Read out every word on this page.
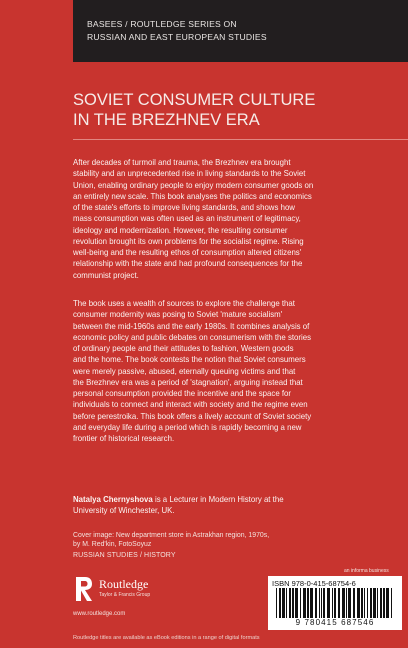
BASEES / ROUTLEDGE SERIES ON
RUSSIAN AND EAST EUROPEAN STUDIES
SOVIET CONSUMER CULTURE
IN THE BREZHNEV ERA
After decades of turmoil and trauma, the Brezhnev era brought
stability and an unprecedented rise in living standards to the Soviet
Union, enabling ordinary people to enjoy modern consumer goods on
an entirely new scale. This book analyses the politics and economics
of the state's efforts to improve living standards, and shows how
mass consumption was often used as an instrument of legitimacy,
ideology and modernization. However, the resulting consumer
revolution brought its own problems for the socialist regime. Rising
well-being and the resulting ethos of consumption altered citizens'
relationship with the state and had profound consequences for the
communist project.
The book uses a wealth of sources to explore the challenge that
consumer modernity was posing to Soviet 'mature socialism'
between the mid-1960s and the early 1980s. It combines analysis of
economic policy and public debates on consumerism with the stories
of ordinary people and their attitudes to fashion, Western goods
and the home. The book contests the notion that Soviet consumers
were merely passive, abused, eternally queuing victims and that
the Brezhnev era was a period of 'stagnation', arguing instead that
personal consumption provided the incentive and the space for
individuals to connect and interact with society and the regime even
before perestroika. This book offers a lively account of Soviet society
and everyday life during a period which is rapidly becoming a new
frontier of historical research.
Natalya Chernyshova is a Lecturer in Modern History at the
University of Winchester, UK.
Cover image: New department store in Astrakhan region, 1970s,
by M. Red'kin, FotoSoyuz
RUSSIAN STUDIES / HISTORY
Routledge
Taylor & Francis Group
www.routledge.com
an informa business
ISBN 978-0-415-68754-6
9 780415 687546
Routledge titles are available as eBook editions in a range of digital formats
